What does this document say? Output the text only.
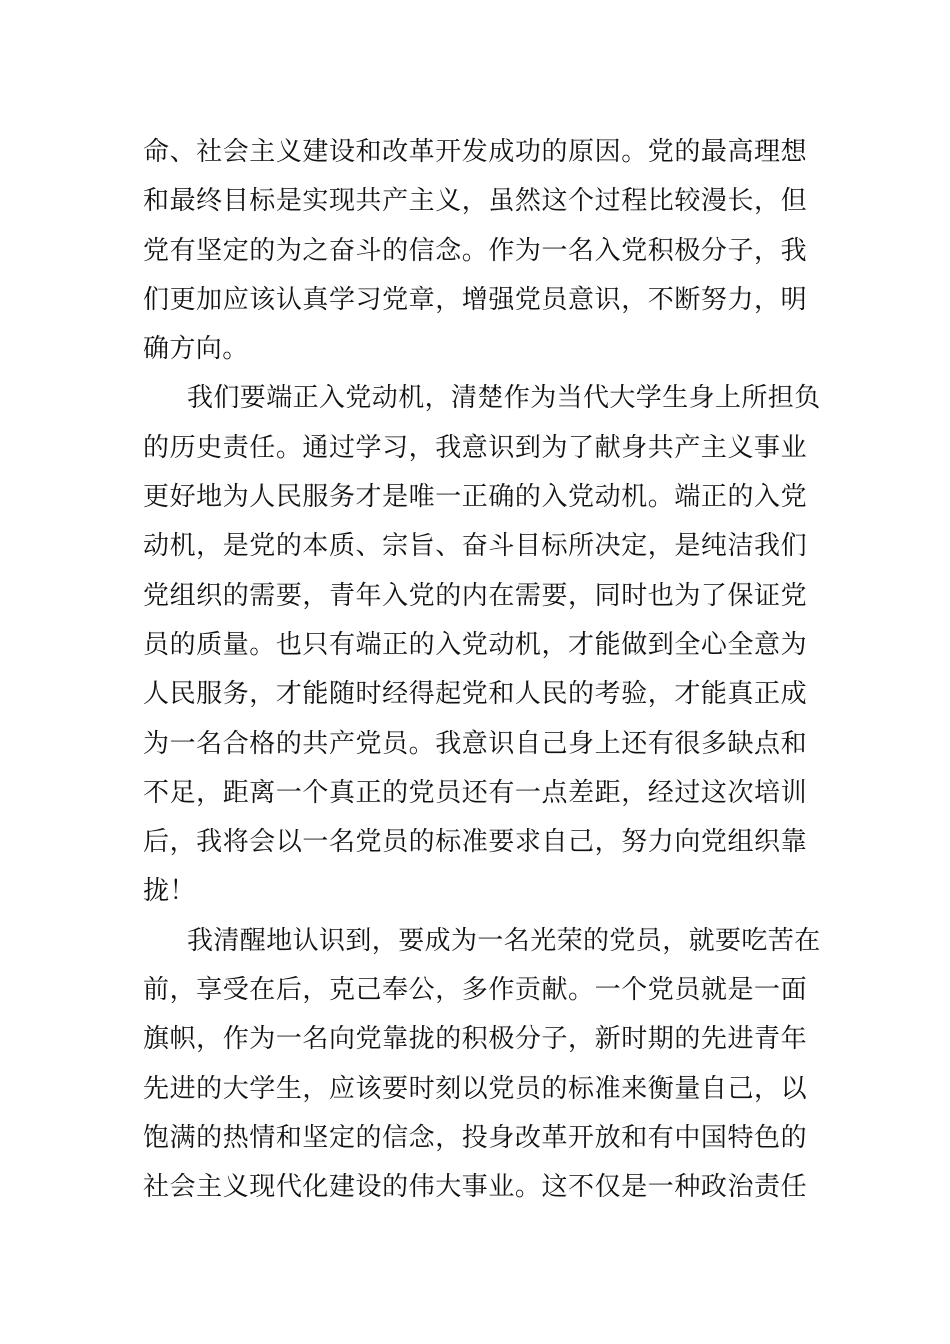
命、社会主义建设和改革开发成功的原因。党的最高理想
和最终目标是实现共产主义，虽然这个过程比较漫长，但
党有坚定的为之奋斗的信念。作为一名入党积极分子，我
们更加应该认真学习党章，增强党员意识，不断努力，明
确方向。
我们要端正入党动机，清楚作为当代大学生身上所担负
的历史责任。通过学习，我意识到为了献身共产主义事业
更好地为人民服务才是唯一正确的入党动机。端正的入党
动机，是党的本质、宗旨、奋斗目标所决定，是纯洁我们
党组织的需要，青年入党的内在需要，同时也为了保证党
员的质量。也只有端正的入党动机，才能做到全心全意为
人民服务，才能随时经得起党和人民的考验，才能真正成
为一名合格的共产党员。我意识自己身上还有很多缺点和
不足，距离一个真正的党员还有一点差距，经过这次培训
后，我将会以一名党员的标准要求自己，努力向党组织靠
拢！
我清醒地认识到，要成为一名光荣的党员，就要吃苦在
前，享受在后，克己奉公，多作贡献。一个党员就是一面
旗帜，作为一名向党靠拢的积极分子，新时期的先进青年
先进的大学生，应该要时刻以党员的标准来衡量自己，以
饱满的热情和坚定的信念，投身改革开放和有中国特色的
社会主义现代化建设的伟大事业。这不仅是一种政治责任
